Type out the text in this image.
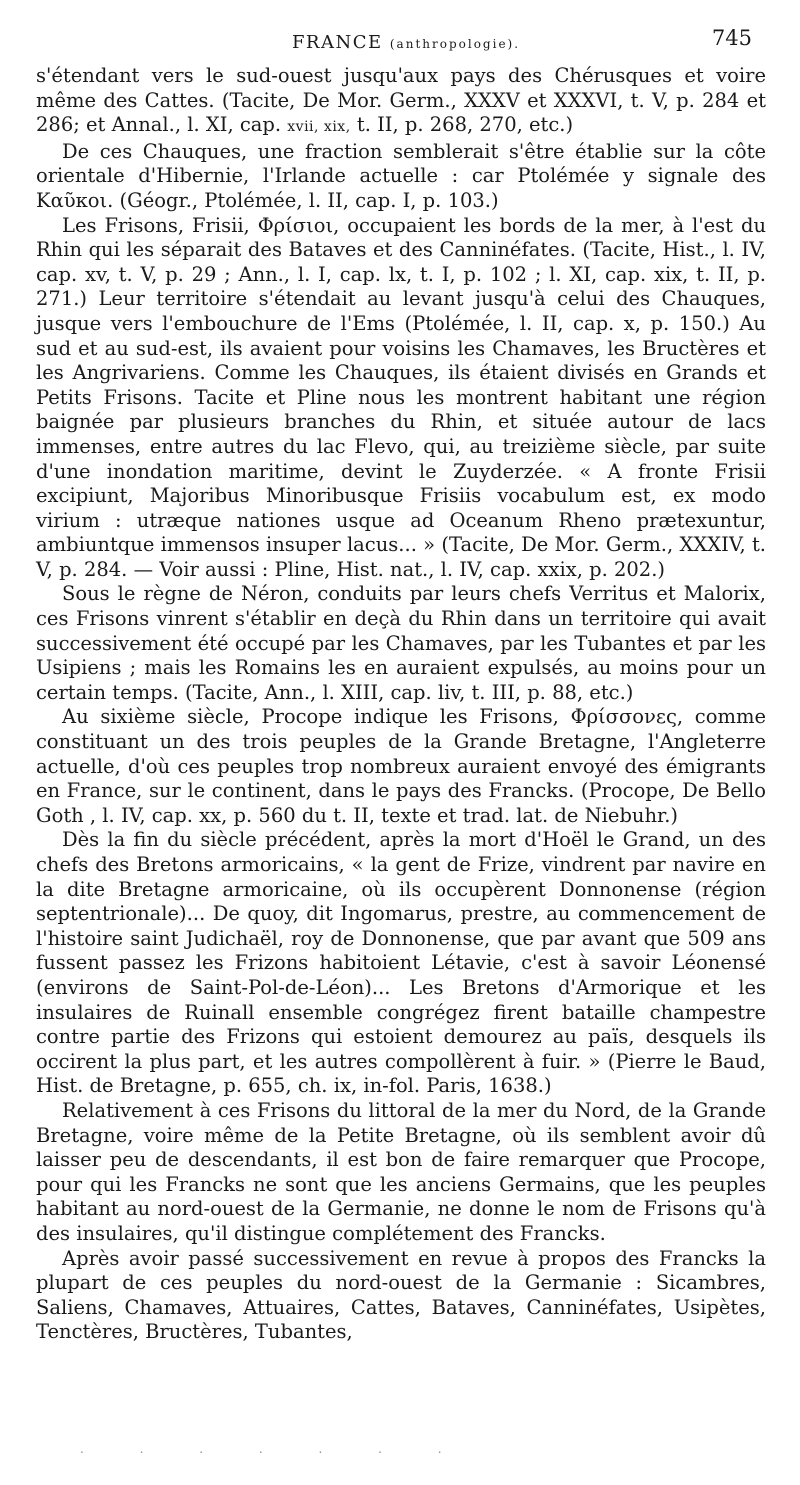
FRANCE (anthropologie).	745

s'étendant vers le sud-ouest jusqu'aux pays des Chérusques et voire même des Cattes. (Tacite, De Mor. Germ., XXXV et XXXVI, t. V, p. 284 et 286; et Annal., l. XI, cap. xvii, xix, t. II, p. 268, 270, etc.)

De ces Chauques, une fraction semblerait s'être établie sur la côte orientale d'Hibernie, l'Irlande actuelle : car Ptolémée y signale des Καῦκοι. (Géogr., Ptolémée, l. II, cap. I, p. 103.)

Les Frisons, Frisii, Φρίσιοι, occupaient les bords de la mer, à l'est du Rhin qui les séparait des Bataves et des Canninéfates. (Tacite, Hist., l. IV, cap. xv, t. V, p. 29 ; Ann., l. I, cap. lx, t. I, p. 102 ; l. XI, cap. xix, t. II, p. 271.) Leur territoire s'étendait au levant jusqu'à celui des Chauques, jusque vers l'embouchure de l'Ems (Ptolémée, l. II, cap. x, p. 150.) Au sud et au sud-est, ils avaient pour voisins les Chamaves, les Bructères et les Angrivariens. Comme les Chauques, ils étaient divisés en Grands et Petits Frisons. Tacite et Pline nous les montrent habitant une région baignée par plusieurs branches du Rhin, et située autour de lacs immenses, entre autres du lac Flevo, qui, au treizième siècle, par suite d'une inondation maritime, devint le Zuyderzée. « A fronte Frisii excipiunt, Majoribus Minoribusque Frisiis vocabulum est, ex modo virium : utræque nationes usque ad Oceanum Rheno prætexuntur, ambiuntque immensos insuper lacus... » (Tacite, De Mor. Germ., XXXIV, t. V, p. 284. — Voir aussi : Pline, Hist. nat., l. IV, cap. xxix, p. 202.)

Sous le règne de Néron, conduits par leurs chefs Verritus et Malorix, ces Frisons vinrent s'établir en deçà du Rhin dans un territoire qui avait successivement été occupé par les Chamaves, par les Tubantes et par les Usipiens ; mais les Romains les en auraient expulsés, au moins pour un certain temps. (Tacite, Ann., l. XIII, cap. liv, t. III, p. 88, etc.)

Au sixième siècle, Procope indique les Frisons, Φρίσσονες, comme constituant un des trois peuples de la Grande Bretagne, l'Angleterre actuelle, d'où ces peuples trop nombreux auraient envoyé des émigrants en France, sur le continent, dans le pays des Francks. (Procope, De Bello Goth , l. IV, cap. xx, p. 560 du t. II, texte et trad. lat. de Niebuhr.)

Dès la fin du siècle précédent, après la mort d'Hoël le Grand, un des chefs des Bretons armoricains, « la gent de Frize, vindrent par navire en la dite Bretagne armoricaine, où ils occupèrent Donnonense (région septentrionale)... De quoy, dit Ingomarus, prestre, au commencement de l'histoire saint Judichaël, roy de Donnonense, que par avant que 509 ans fussent passez les Frizons habitoient Létavie, c'est à savoir Léonensé (environs de Saint-Pol-de-Léon)... Les Bretons d'Armorique et les insulaires de Ruinall ensemble congrégez firent bataille champestre contre partie des Frizons qui estoient demourez au païs, desquels ils occirent la plus part, et les autres compollèrent à fuir. » (Pierre le Baud, Hist. de Bretagne, p. 655, ch. ix, in-fol. Paris, 1638.)

Relativement à ces Frisons du littoral de la mer du Nord, de la Grande Bretagne, voire même de la Petite Bretagne, où ils semblent avoir dû laisser peu de descendants, il est bon de faire remarquer que Procope, pour qui les Francks ne sont que les anciens Germains, que les peuples habitant au nord-ouest de la Germanie, ne donne le nom de Frisons qu'à des insulaires, qu'il distingue complétement des Francks.

Après avoir passé successivement en revue à propos des Francks la plupart de ces peuples du nord-ouest de la Germanie : Sicambres, Saliens, Chamaves, Attuaires, Cattes, Bataves, Canninéfates, Usipètes, Tenctères, Bructères, Tubantes,

. . . . . . .
